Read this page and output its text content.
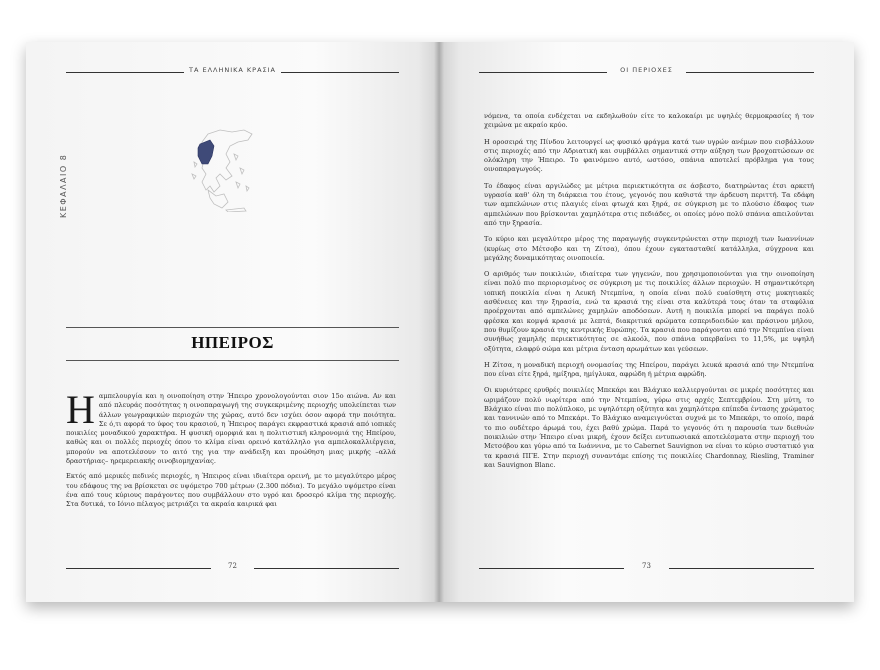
ΤΑ ΕΛΛΗΝΙΚΑ ΚΡΑΣΙΑ
ΚΕΦΑΛΑΙΟ 8
ΗΠΕΙΡΟΣ

Η αμπελουργία και η οινοποίηση στην Ήπειρο χρονολογούνται σιον 15ο αιώνα. Αν και από πλευράς ποσότητας η οινοπαραγωγή της συγκεκριμένης περιοχής υπολείπεται των άλλων γεωγραφικών περιοχών της χώρας, αυτό δεν ισχύει όσον αφορά την ποιότητα. Σε ό,τι αφορά το ύφος του κρασιού, η Ήπειρος παράγει εκφραστικά κρασιά από ιοπικές ποικιλίες μοναδικού χαρακτήρα. Η φυσική ομορφιά και η πολιτιστική κληρονομιά της Ηπείρου, καθώς και οι πολλές περιοχές όπου το κλίμα είναι ορεινό κατάλληλο για αμπελοκαλλιέργεια, μπορούν να αποτελέσουν το αιτό της για την ανάδειξη και προώθηση μιας μικρής –αλλά δραστήριας– ηρεμερειακής οινοβιομηχανίας.

Εκτός από μερικές πεδινές περιοχές, η Ήπειρος είναι ιδιαίτερα ορεινή, με το μεγαλύτερο μέρος του εδάφους της να βρίσκεται σε υψόμετρο 700 μέτρων (2.300 πόδια). Το μεγάλο υψόμετρο είναι ένα από τους κύριους παράγοντες που συμβάλλουν στο υγρό και δροσερό κλίμα της περιοχής. Στα δυτικά, το Ιόνιο πέλαγος μετριάζει τα ακραία καιρικά φαι

72
ΟΙ ΠΕΡΙΟΧΕΣ

νόμενα, τα οποία ενδέχεται να εκδηλωθούν είτε το καλοκαίρι με υψηλές θερμοκρασίες ή τον χειμώνα με ακραίο κρύο.

Η οροσειρά της Πίνδου λειτουργεί ως φυσικό φράγμα κατά των υγρών ανέμων που εισβάλλουν στις περιοχές από την Αδριατική και συμβάλλει σημαντικά στην αύξηση των βροχοπτώσεων σε ολόκληρη την Ήπειρο. Το φαινόμενο αυτό, ωστόσο, σπάνια αποτελεί πρόβλημα για τους οινοπαραγωγούς.

Το έδαφος είναι αργιλώδες με μέτρια περιεκτικότητα σε άσβεστο, διατηρώντας έτσι αρκετή υγρασία καθ' όλη τη διάρκεια του έτους, γεγονός που καθιστά την άρδευση περιττή. Τα εδάφη των αμπελώνων στις πλαγιές είναι φτωχά και ξηρά, σε σύγκριση με το πλούσιο έδαφος των αμπελώνων που βρίσκονται χαμηλότερα στις πεδιάδες, οι οποίες μόνο πολύ σπάνια απειλούνται από την ξηρασία.

Το κύριο και μεγαλύτερο μέρος της παραγωγής συγκεντρώνεται στην περιοχή των Ιωαννίνων (κυρίως στο Μέτσοβο και τη Ζίτσα), όπου έχουν εγκατασταθεί κατάλληλα, σύγχρονα και μεγάλης δυναμικότητας οινοποιεία.

Ο αριθμός των ποικιλιών, ιδιαίτερα των γηγενών, που χρησιμοποιούνται για την οινοποίηση είναι πολύ πιο περιορισμένος σε σύγκριση με τις ποικιλίες άλλων περιοχών. Η σημαντικότερη ιοπική ποικιλία είναι η Λευκή Ντεμπίνα, η οποία είναι πολύ ευαίσθητη στις μυκητιακές ασθένειες και την ξηρασία, ενώ τα κρασιά της είναι στα καλύτερά τους όταν τα σταφύλια προέρχονται από αμπελώνες χαμηλών αποδόσεων. Αυτή η ποικιλία μπορεί να παράγει πολύ φρέσκα και κομψά κρασιά με λεπτά, διακριτικά αρώματα εσπεριδοειδών και πράσινου μήλου, που θυμίζουν κρασιά της κεντρικής Ευρώπης. Τα κρασιά που παράγονται από την Ντεμπίνα είναι συνήθως χαμηλής περιεκτικότητας σε αλκοόλ, που σπάνια υπερβαίνει το 11,5%, με υψηλή οξύτητα, ελαφρύ σώμα και μέτρια ένταση αρωμάτων και γεύσεων.

Η Ζίτσα, η μοναδική περιοχή ονομασίας της Ηπείρου, παράγει λευκά κρασιά από την Ντεμπίνα που είναι είτε ξηρά, ημίξηρα, ημίγλυκα, αφρώδη ή μέτρια αφρώδη.

Οι κυριότερες ερυθρές ποικιλίες Μπεκάρι και Βλάχικο καλλιεργούνται σε μικρές ποσότητες και ωριμάζουν πολύ νωρίτερα από την Ντεμπίνα, γύρω στις αρχές Σεπτεμβρίου. Στη μύτη, το Βλάχικο είναι πιο πολύπλοκο, με υψηλότερη οξύτητα και χαμηλότερα επίπεδα έντασης χρώματος και ταννινών από το Μπεκάρι. Το Βλάχικο αναμειγνύεται συχνά με το Μπεκάρι, το οποίο, παρά το πιο ουδέτερο άρωμά του, έχει βαθύ χρώμα. Παρά το γεγονός ότι η παρουσία των διεθνών ποικιλιών στην Ήπειρο είναι μικρή, έχουν δείξει εντυπωσιακά αποτελέσματα στην περιοχή του Μετσόβου και γύρω από τα Ιωάννινα, με το Cabernet Sauvignon να είναι το κύριο συστατικό για τα κρασιά ΠΓΕ. Στην περιοχή συναντάμε επίσης τις ποικιλίες Chardonnay, Riesling, Traminer και Sauvignon Blanc.

73
